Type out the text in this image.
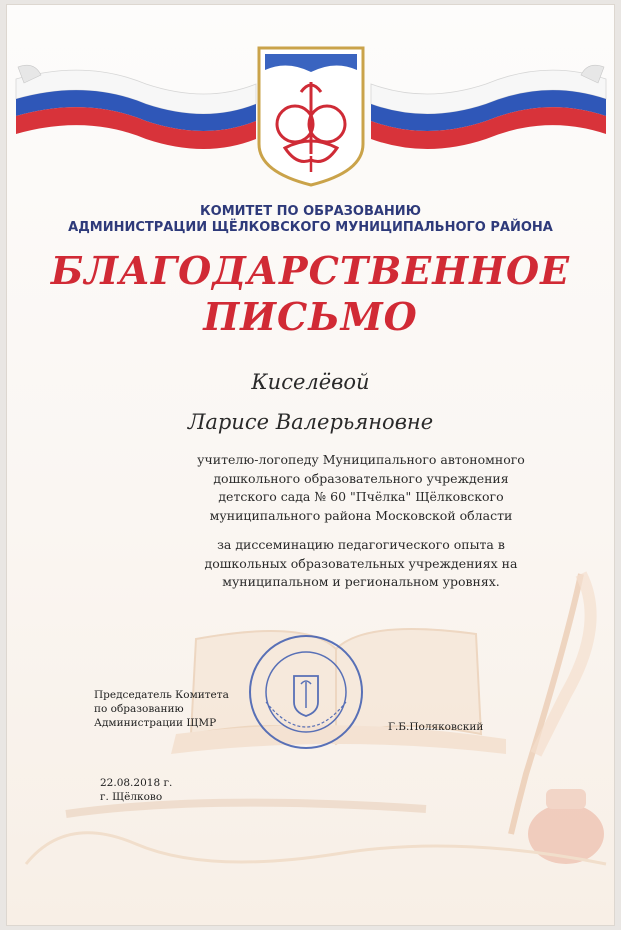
КОМИТЕТ ПО ОБРАЗОВАНИЮ
АДМИНИСТРАЦИИ ЩЁЛКОВСКОГО МУНИЦИПАЛЬНОГО РАЙОНА
БЛАГОДАРСТВЕННОЕ
ПИСЬМО
Киселёвой
Ларисе Валерьяновне
учителю-логопеду Муниципального автономного
дошкольного образовательного учреждения
детского сада № 60 "Пчёлка" Щёлковского
муниципального района Московской области
за диссеминацию педагогического опыта в
дошкольных образовательных учреждениях на
муниципальном и региональном уровнях.
Председатель Комитета
по образованию
Администрации ЩМР	Г.Б.Поляковский
22.08.2018 г.
г. Щёлково
